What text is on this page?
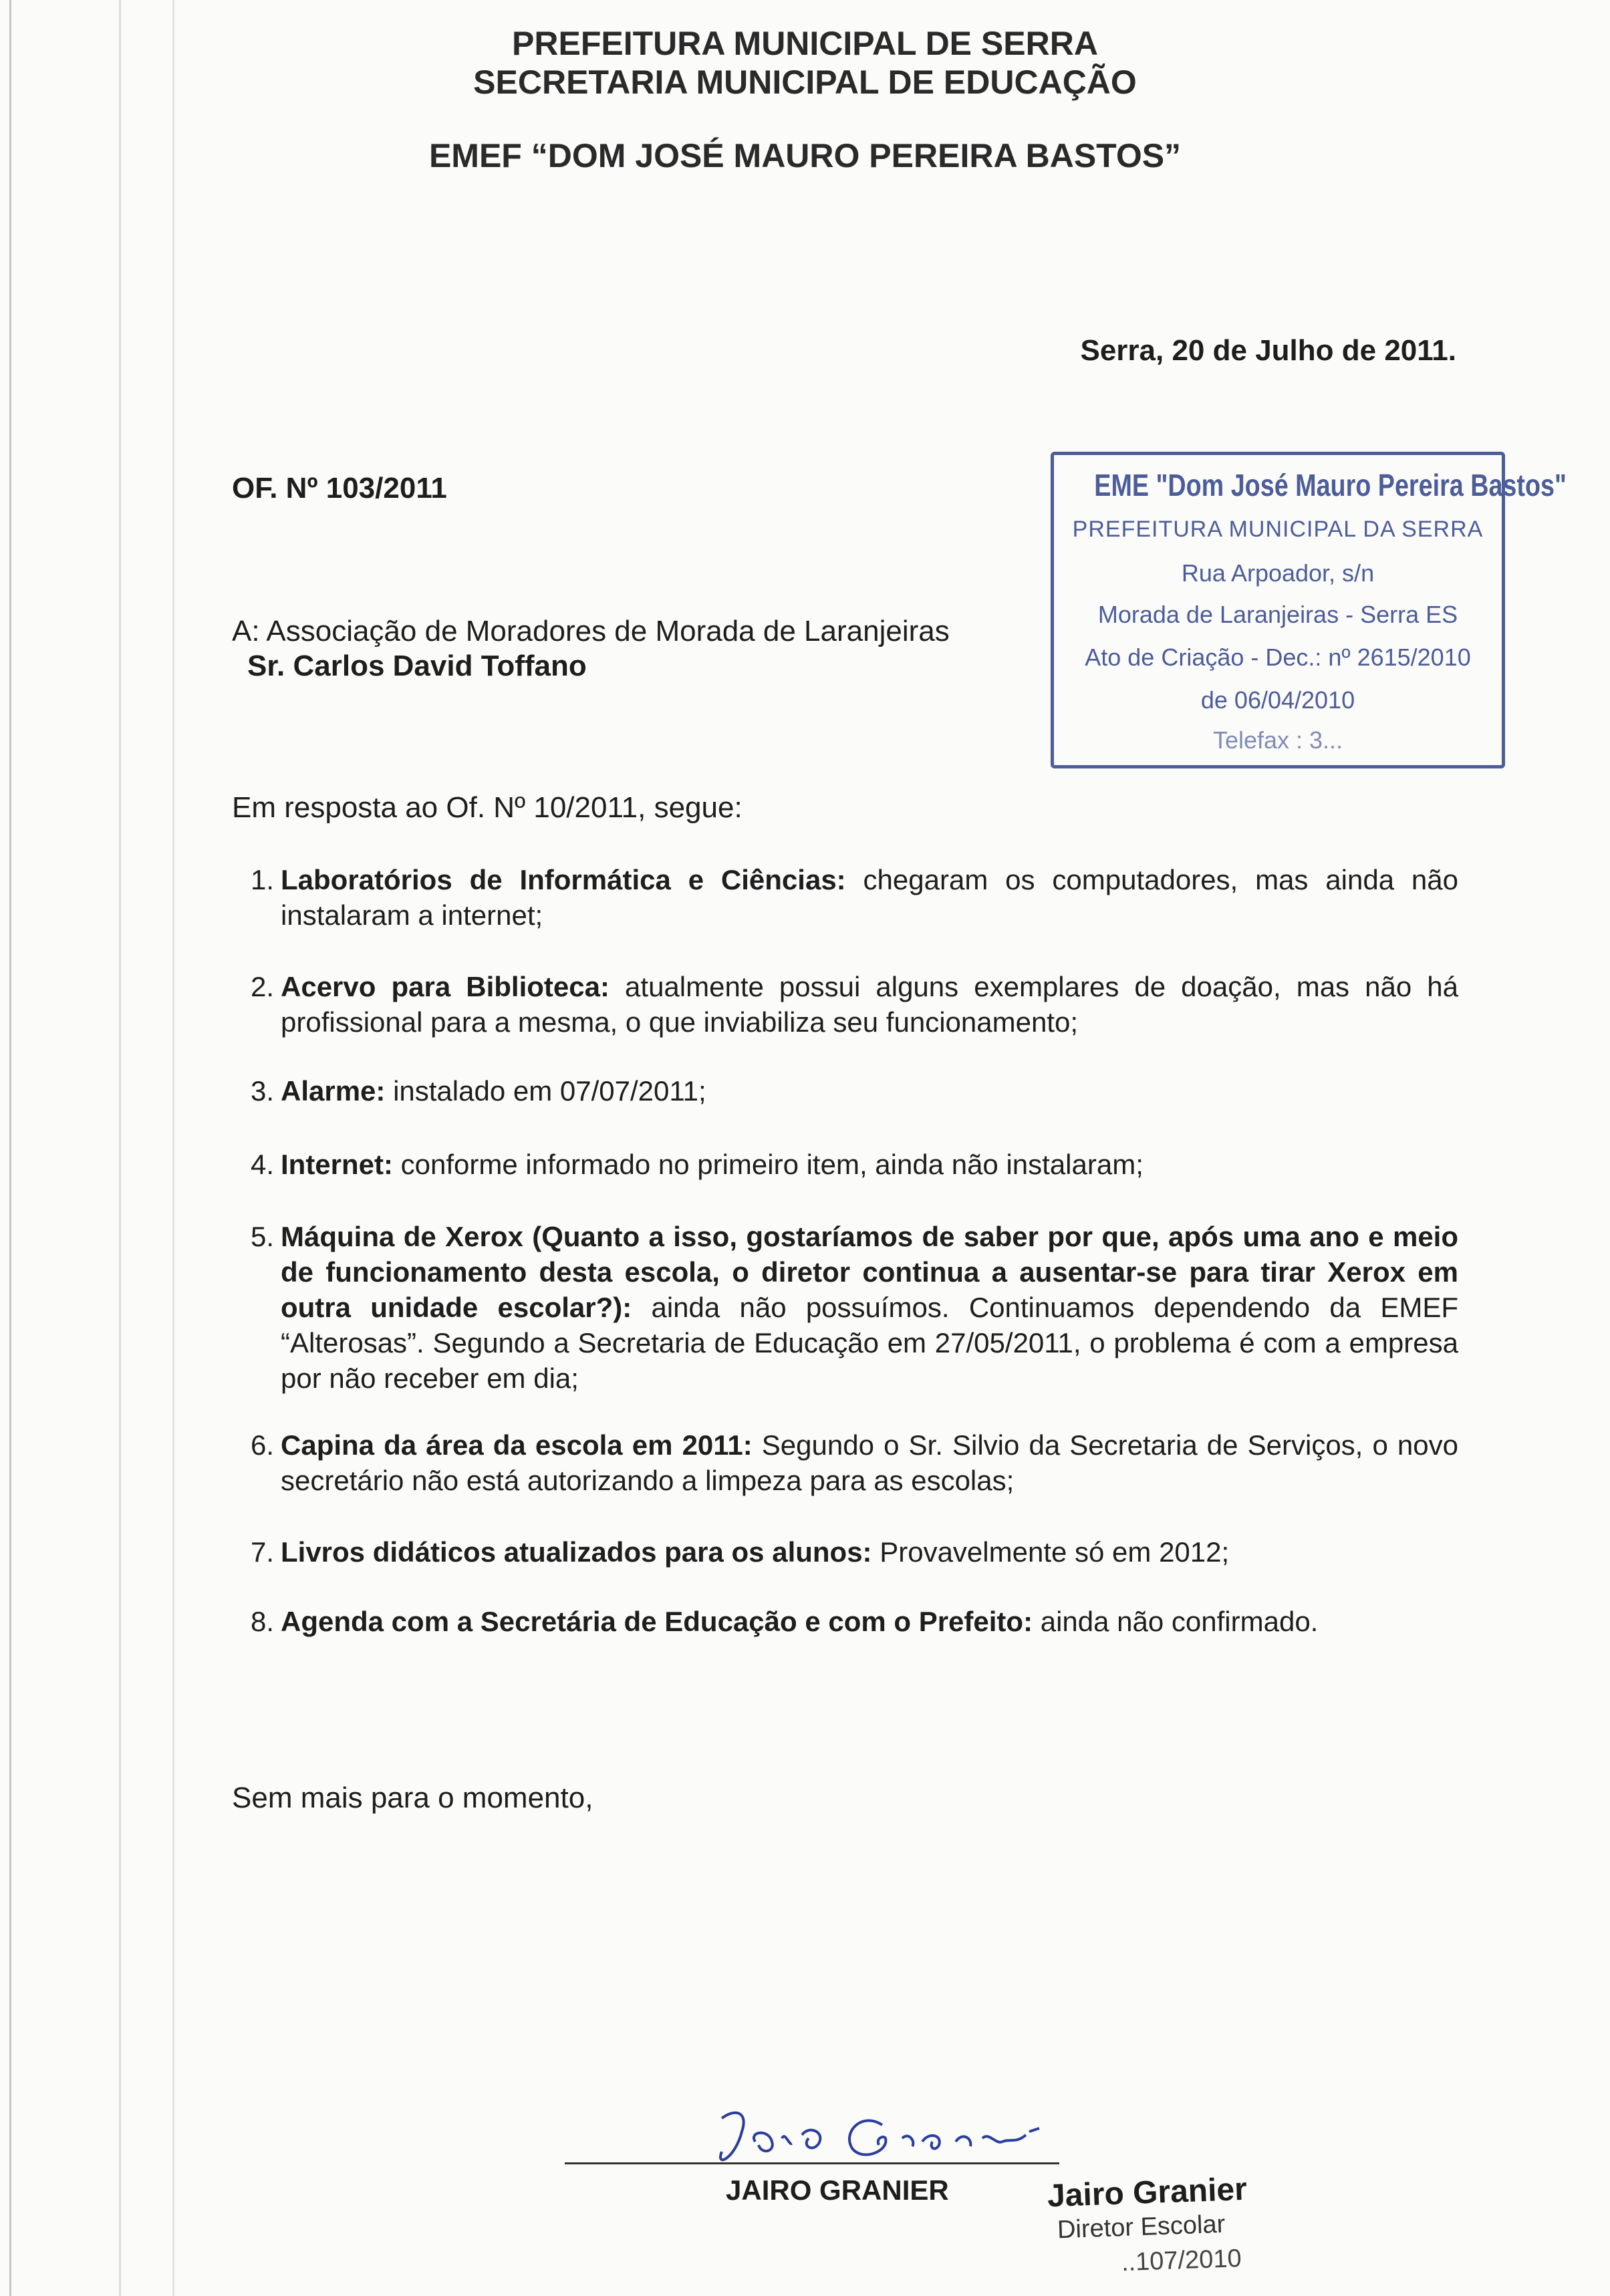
PREFEITURA MUNICIPAL DE SERRA
SECRETARIA MUNICIPAL DE EDUCAÇÃO
EMEF “DOM JOSÉ MAURO PEREIRA BASTOS”
Serra, 20 de Julho de 2011.
OF. Nº 103/2011	EME "Dom José Mauro Pereira Bastos"
PREFEITURA MUNICIPAL DA SERRA
Rua Arpoador, s/n
Morada de Laranjeiras - Serra ES
Ato de Criação - Dec.: nº 2615/2010
de 06/04/2010
Telefax : 3...
A: Associação de Moradores de Morada de Laranjeiras
Sr. Carlos David Toffano
Em resposta ao Of. Nº 10/2011, segue:
1. Laboratórios de Informática e Ciências: chegaram os computadores, mas ainda não instalaram a internet;
2. Acervo para Biblioteca: atualmente possui alguns exemplares de doação, mas não há profissional para a mesma, o que inviabiliza seu funcionamento;
3. Alarme: instalado em 07/07/2011;
4. Internet: conforme informado no primeiro item, ainda não instalaram;
5. Máquina de Xerox (Quanto a isso, gostaríamos de saber por que, após uma ano e meio de funcionamento desta escola, o diretor continua a ausentar-se para tirar Xerox em outra unidade escolar?): ainda não possuímos. Continuamos dependendo da EMEF “Alterosas”. Segundo a Secretaria de Educação em 27/05/2011, o problema é com a empresa por não receber em dia;
6. Capina da área da escola em 2011: Segundo o Sr. Silvio da Secretaria de Serviços, o novo secretário não está autorizando a limpeza para as escolas;
7. Livros didáticos atualizados para os alunos: Provavelmente só em 2012;
8. Agenda com a Secretária de Educação e com o Prefeito: ainda não confirmado.
Sem mais para o momento,
JAIRO GRANIER	Jairo Granier
Diretor Escolar
..107/2010
